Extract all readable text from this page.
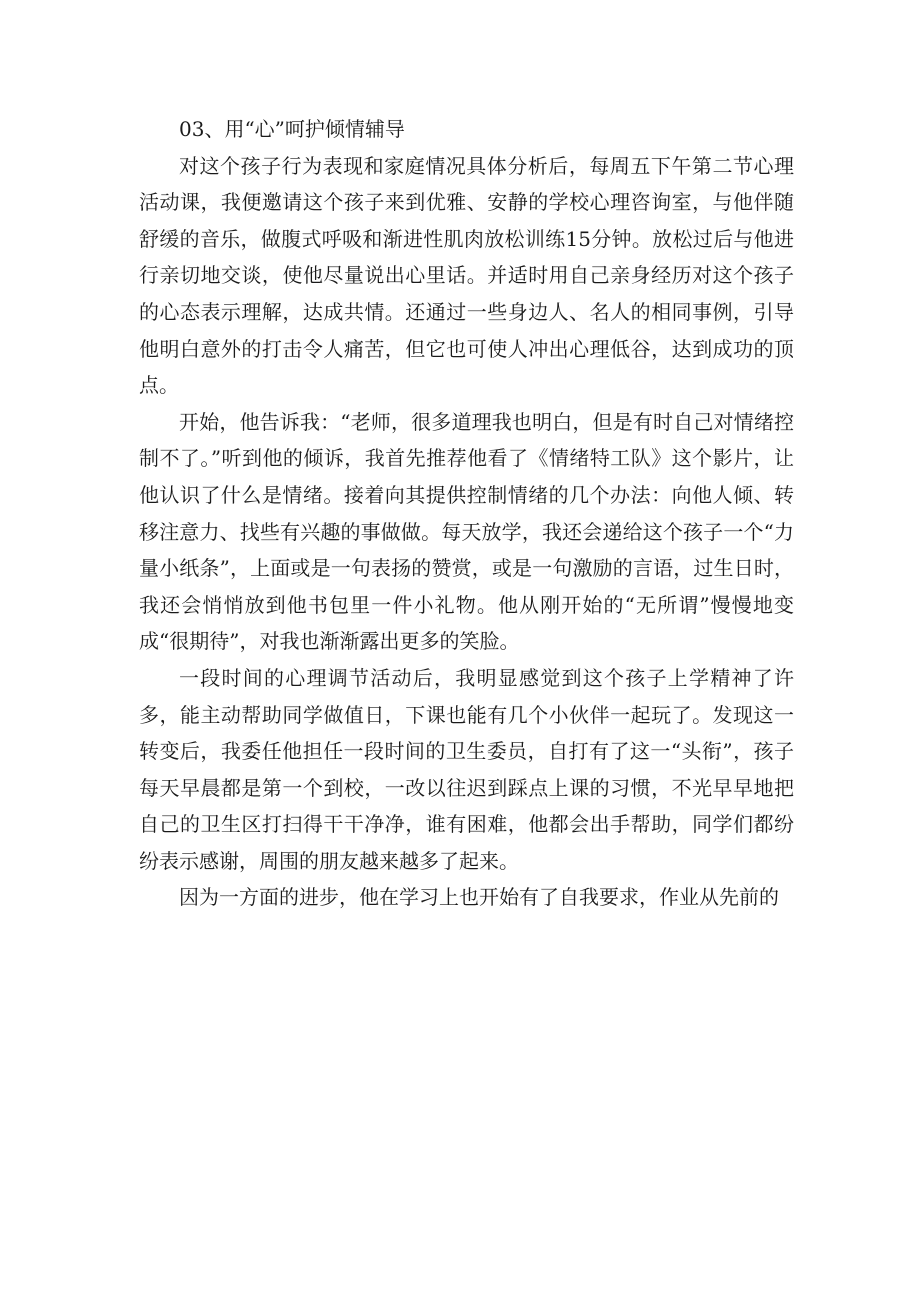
03、用“心”呵护倾情辅导

对这个孩子行为表现和家庭情况具体分析后，每周五下午第二节心理活动课，我便邀请这个孩子来到优雅、安静的学校心理咨询室，与他伴随舒缓的音乐，做腹式呼吸和渐进性肌肉放松训练15分钟。放松过后与他进行亲切地交谈，使他尽量说出心里话。并适时用自己亲身经历对这个孩子的心态表示理解，达成共情。还通过一些身边人、名人的相同事例，引导他明白意外的打击令人痛苦，但它也可使人冲出心理低谷，达到成功的顶点。

开始，他告诉我：“老师，很多道理我也明白，但是有时自己对情绪控制不了。”听到他的倾诉，我首先推荐他看了《情绪特工队》这个影片，让他认识了什么是情绪。接着向其提供控制情绪的几个办法：向他人倾、转移注意力、找些有兴趣的事做做。每天放学，我还会递给这个孩子一个“力量小纸条”，上面或是一句表扬的赞赏，或是一句激励的言语，过生日时，我还会悄悄放到他书包里一件小礼物。他从刚开始的“无所谓”慢慢地变成“很期待”，对我也渐渐露出更多的笑脸。

一段时间的心理调节活动后，我明显感觉到这个孩子上学精神了许多，能主动帮助同学做值日，下课也能有几个小伙伴一起玩了。发现这一转变后，我委任他担任一段时间的卫生委员，自打有了这一“头衔”，孩子每天早晨都是第一个到校，一改以往迟到踩点上课的习惯，不光早早地把自己的卫生区打扫得干干净净，谁有困难，他都会出手帮助，同学们都纷纷表示感谢，周围的朋友越来越多了起来。

因为一方面的进步，他在学习上也开始有了自我要求，作业从先前的
